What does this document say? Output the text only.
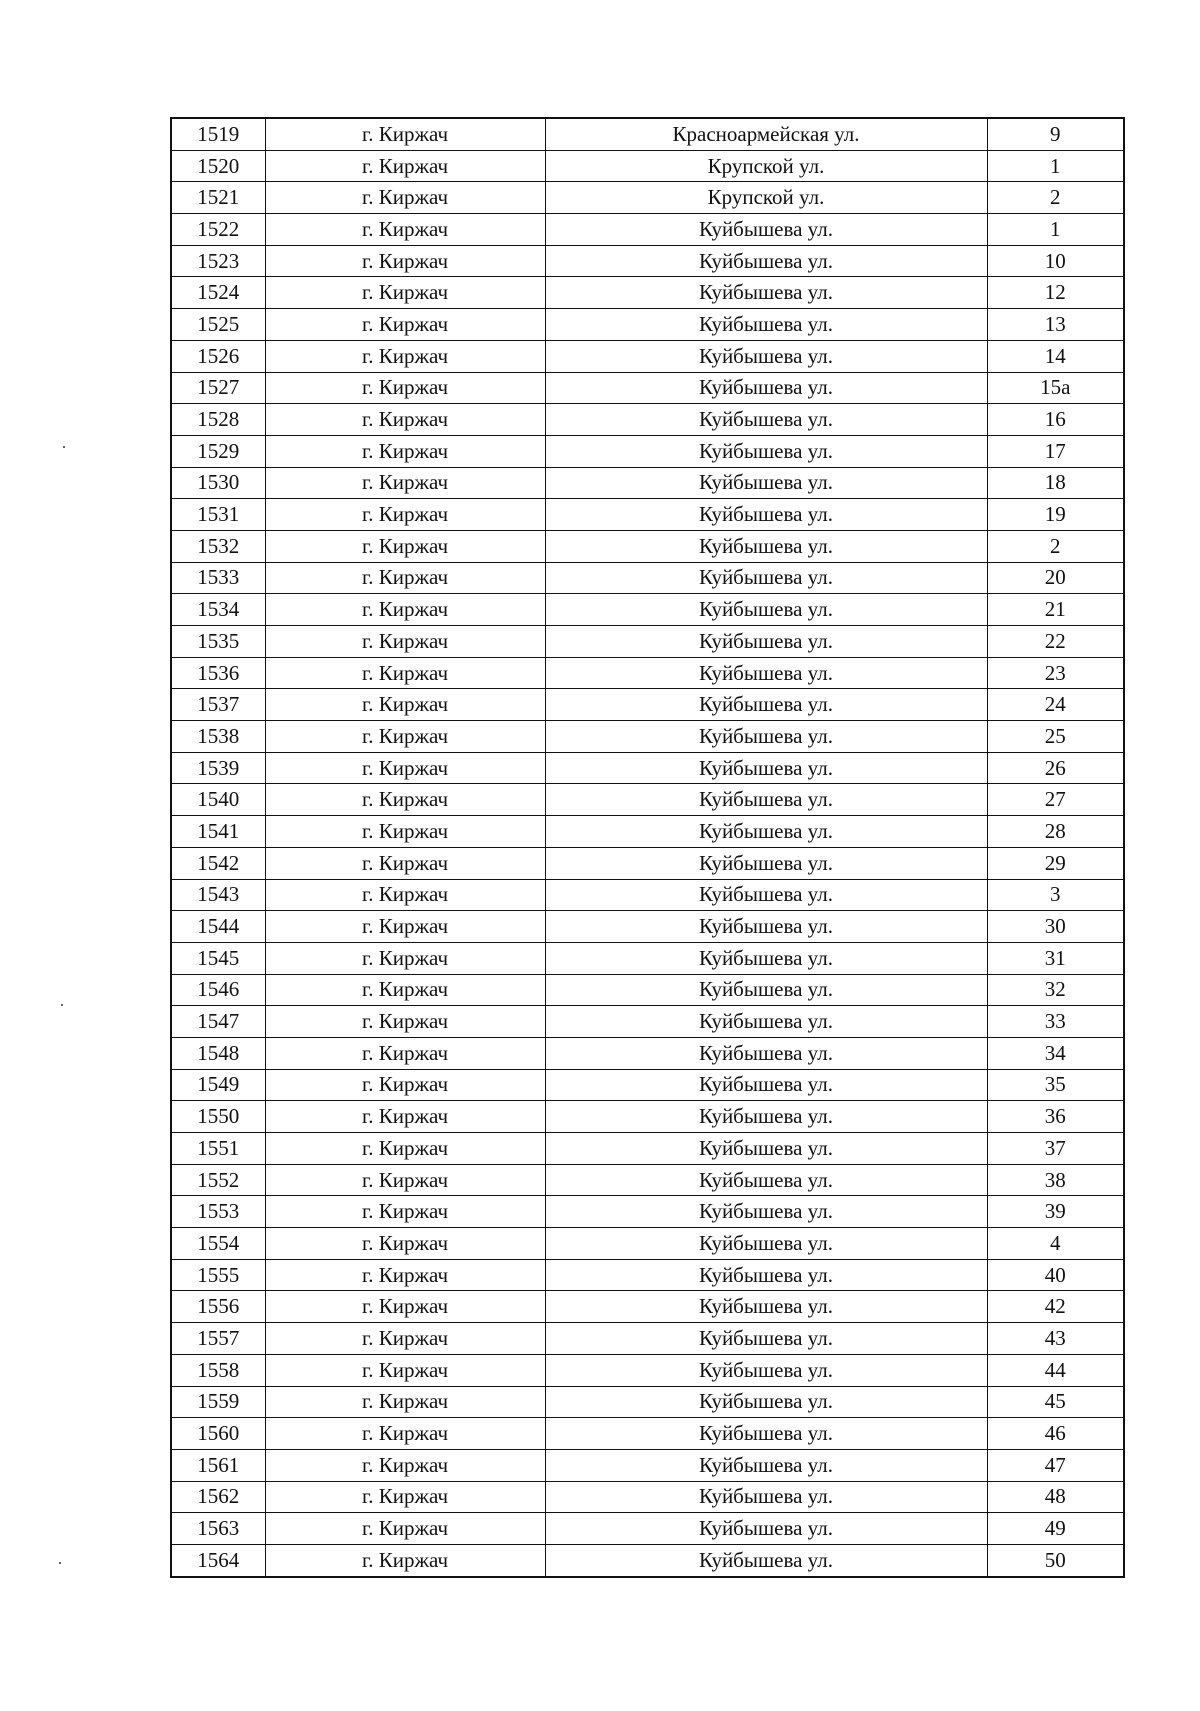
1519	г. Киржач	Красноармейская ул.	9
1520	г. Киржач	Крупской ул.	1
1521	г. Киржач	Крупской ул.	2
1522	г. Киржач	Куйбышева ул.	1
1523	г. Киржач	Куйбышева ул.	10
1524	г. Киржач	Куйбышева ул.	12
1525	г. Киржач	Куйбышева ул.	13
1526	г. Киржач	Куйбышева ул.	14
1527	г. Киржач	Куйбышева ул.	15а
1528	г. Киржач	Куйбышева ул.	16
1529	г. Киржач	Куйбышева ул.	17
1530	г. Киржач	Куйбышева ул.	18
1531	г. Киржач	Куйбышева ул.	19
1532	г. Киржач	Куйбышева ул.	2
1533	г. Киржач	Куйбышева ул.	20
1534	г. Киржач	Куйбышева ул.	21
1535	г. Киржач	Куйбышева ул.	22
1536	г. Киржач	Куйбышева ул.	23
1537	г. Киржач	Куйбышева ул.	24
1538	г. Киржач	Куйбышева ул.	25
1539	г. Киржач	Куйбышева ул.	26
1540	г. Киржач	Куйбышева ул.	27
1541	г. Киржач	Куйбышева ул.	28
1542	г. Киржач	Куйбышева ул.	29
1543	г. Киржач	Куйбышева ул.	3
1544	г. Киржач	Куйбышева ул.	30
1545	г. Киржач	Куйбышева ул.	31
1546	г. Киржач	Куйбышева ул.	32
1547	г. Киржач	Куйбышева ул.	33
1548	г. Киржач	Куйбышева ул.	34
1549	г. Киржач	Куйбышева ул.	35
1550	г. Киржач	Куйбышева ул.	36
1551	г. Киржач	Куйбышева ул.	37
1552	г. Киржач	Куйбышева ул.	38
1553	г. Киржач	Куйбышева ул.	39
1554	г. Киржач	Куйбышева ул.	4
1555	г. Киржач	Куйбышева ул.	40
1556	г. Киржач	Куйбышева ул.	42
1557	г. Киржач	Куйбышева ул.	43
1558	г. Киржач	Куйбышева ул.	44
1559	г. Киржач	Куйбышева ул.	45
1560	г. Киржач	Куйбышева ул.	46
1561	г. Киржач	Куйбышева ул.	47
1562	г. Киржач	Куйбышева ул.	48
1563	г. Киржач	Куйбышева ул.	49
1564	г. Киржач	Куйбышева ул.	50
